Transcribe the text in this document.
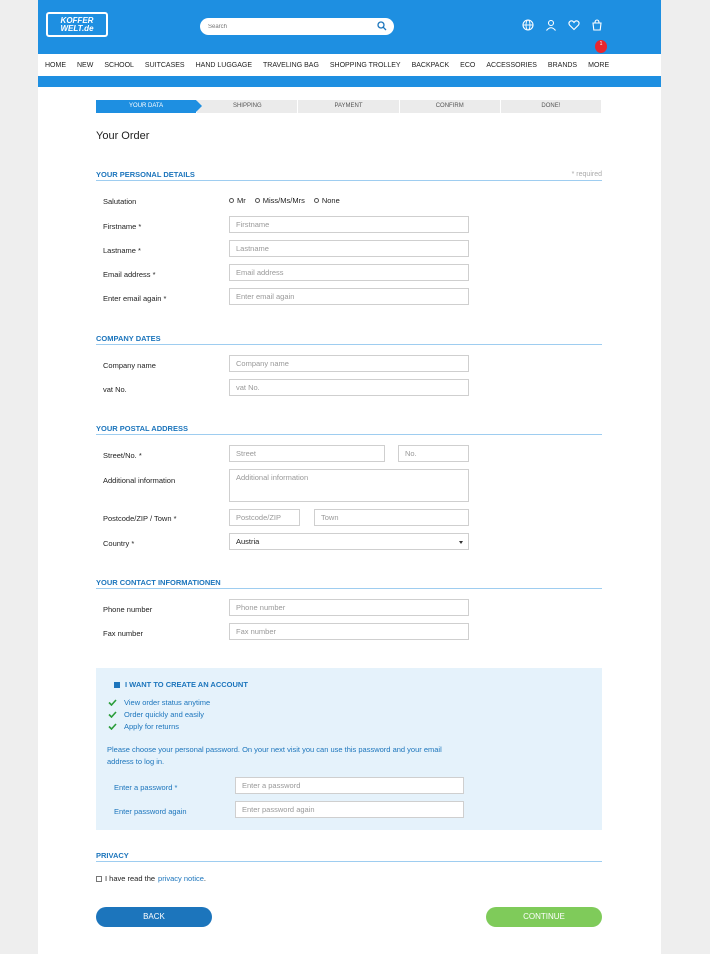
KOFFER
WELT.de
Search
1
HOME NEW SCHOOL SUITCASES HAND LUGGAGE TRAVELING BAG SHOPPING TROLLEY BACKPACK ECO ACCESSORIES BRANDS MORE
YOUR DATA	SHIPPING	PAYMENT	CONFIRM	DONE!
Your Order
YOUR PERSONAL DETAILS	* required
Salutation	Mr Miss/Ms/Mrs None
Firstname *	Firstname
Lastname *	Lastname
Email address *	Email address
Enter email again *	Enter email again
COMPANY DATES
Company name	Company name
vat No.	vat No.
YOUR POSTAL ADDRESS
Street/No. *	Street	No.
Additional information	Additional information
Postcode/ZIP / Town *	Postcode/ZIP	Town
Country *	Austria
YOUR CONTACT INFORMATIONEN
Phone number	Phone number
Fax number	Fax number
I WANT TO CREATE AN ACCOUNT
View order status anytime
Order quickly and easily
Apply for returns
Please choose your personal password. On your next visit you can use this password and your email address to log in.
Enter a password *	Enter a password
Enter password again	Enter password again
PRIVACY
I have read the privacy notice .
BACK	CONTINUE
